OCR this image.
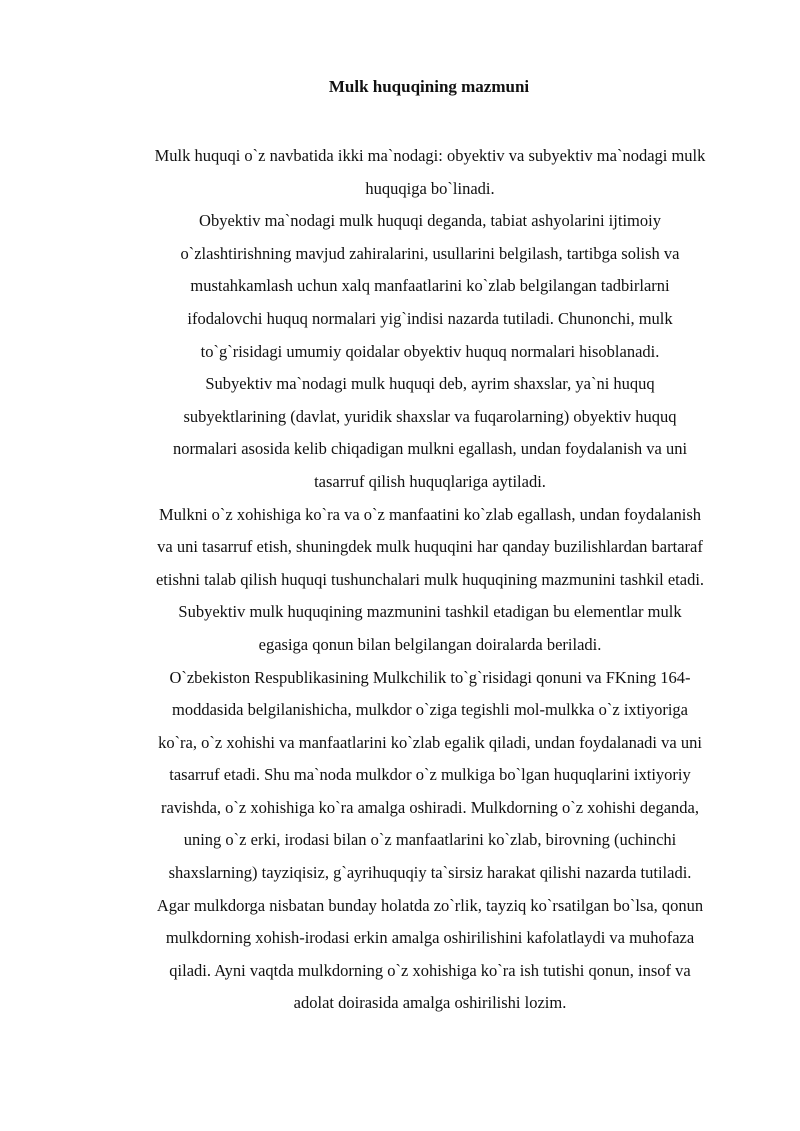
Mulk huquqining mazmuni
Mulk huquqi o`z navbatida ikki ma`nodagi: obyektiv va subyektiv ma`nodagi mulk
huquqiga bo`linadi.
Obyektiv ma`nodagi mulk huquqi deganda, tabiat ashyolarini ijtimoiy
o`zlashtirishning mavjud zahiralarini, usullarini belgilash, tartibga solish va
mustahkamlash uchun xalq manfaatlarini ko`zlab belgilangan tadbirlarni
ifodalovchi huquq normalari yig`indisi nazarda tutiladi. Chunonchi, mulk
to`g`risidagi umumiy qoidalar obyektiv huquq normalari hisoblanadi.
Subyektiv ma`nodagi mulk huquqi deb, ayrim shaxslar, ya`ni huquq
subyektlarining (davlat, yuridik shaxslar va fuqarolarning) obyektiv huquq
normalari asosida kelib chiqadigan mulkni egallash, undan foydalanish va uni
tasarruf qilish huquqlariga aytiladi.
Mulkni o`z xohishiga ko`ra va o`z manfaatini ko`zlab egallash, undan foydalanish
va uni tasarruf etish, shuningdek mulk huquqini har qanday buzilishlardan bartaraf
etishni talab qilish huquqi tushunchalari mulk huquqining mazmunini tashkil etadi.
Subyektiv mulk huquqining mazmunini tashkil etadigan bu elementlar mulk
egasiga qonun bilan belgilangan doiralarda beriladi.
O`zbekiston Respublikasining Mulkchilik to`g`risidagi qonuni va FKning 164-
moddasida belgilanishicha, mulkdor o`ziga tegishli mol-mulkka o`z ixtiyoriga
ko`ra, o`z xohishi va manfaatlarini ko`zlab egalik qiladi, undan foydalanadi va uni
tasarruf etadi. Shu ma`noda mulkdor o`z mulkiga bo`lgan huquqlarini ixtiyoriy
ravishda, o`z xohishiga ko`ra amalga oshiradi. Mulkdorning o`z xohishi deganda,
uning o`z erki, irodasi bilan o`z manfaatlarini ko`zlab, birovning (uchinchi
shaxslarning) tayziqisiz, g`ayrihuquqiy ta`sirsiz harakat qilishi nazarda tutiladi.
Agar mulkdorga nisbatan bunday holatda zo`rlik, tayziq ko`rsatilgan bo`lsa, qonun
mulkdorning xohish-irodasi erkin amalga oshirilishini kafolatlaydi va muhofaza
qiladi. Ayni vaqtda mulkdorning o`z xohishiga ko`ra ish tutishi qonun, insof va
adolat doirasida amalga oshirilishi lozim.
